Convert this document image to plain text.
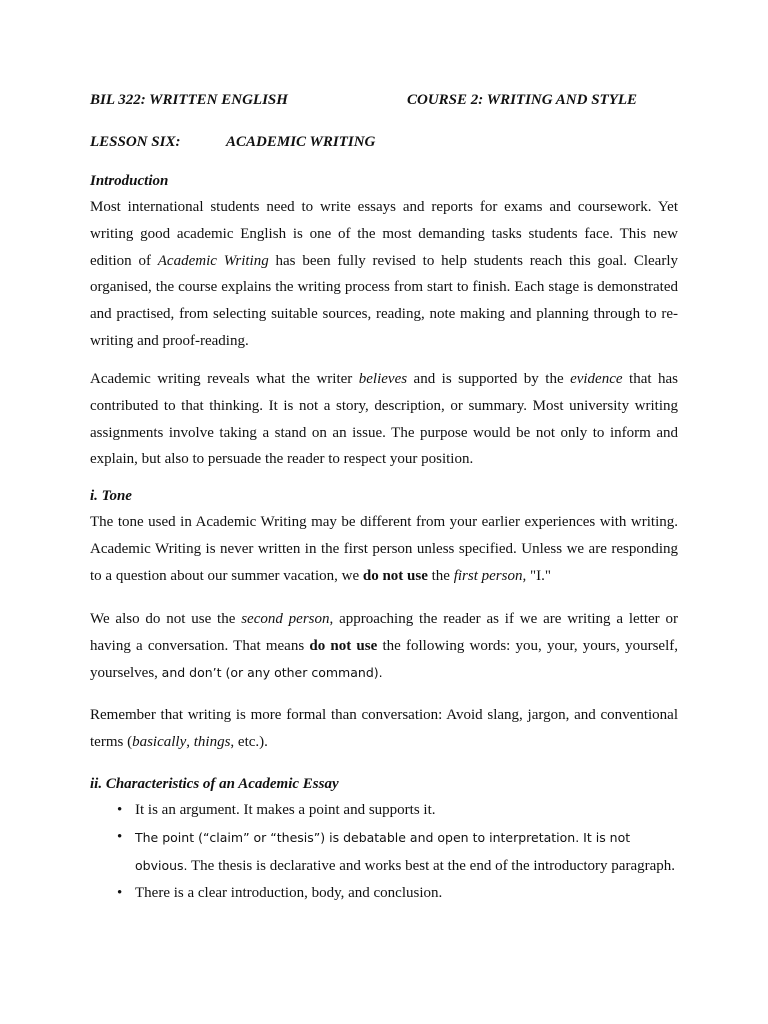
BIL 322: WRITTEN ENGLISH	COURSE 2: WRITING AND STYLE
LESSON SIX:	ACADEMIC WRITING
Introduction

Most international students need to write essays and reports for exams and coursework. Yet writing good academic English is one of the most demanding tasks students face. This new edition of Academic Writing has been fully revised to help students reach this goal. Clearly organised, the course explains the writing process from start to finish. Each stage is demonstrated and practised, from selecting suitable sources, reading, note making and planning through to re-writing and proof-reading.

Academic writing reveals what the writer believes and is supported by the evidence that has contributed to that thinking. It is not a story, description, or summary. Most university writing assignments involve taking a stand on an issue. The purpose would be not only to inform and explain, but also to persuade the reader to respect your position.

i. Tone

The tone used in Academic Writing may be different from your earlier experiences with writing. Academic Writing is never written in the first person unless specified. Unless we are responding to a question about our summer vacation, we do not use the first person, "I."

We also do not use the second person, approaching the reader as if we are writing a letter or having a conversation. That means do not use the following words: you, your, yours, yourself, yourselves, and don’t (or any other command).

Remember that writing is more formal than conversation: Avoid slang, jargon, and conventional terms (basically, things, etc.).

ii. Characteristics of an Academic Essay
• It is an argument. It makes a point and supports it.
• The point (“claim” or “thesis”) is debatable and open to interpretation. It is not obvious. The thesis is declarative and works best at the end of the introductory paragraph.
• There is a clear introduction, body, and conclusion.
